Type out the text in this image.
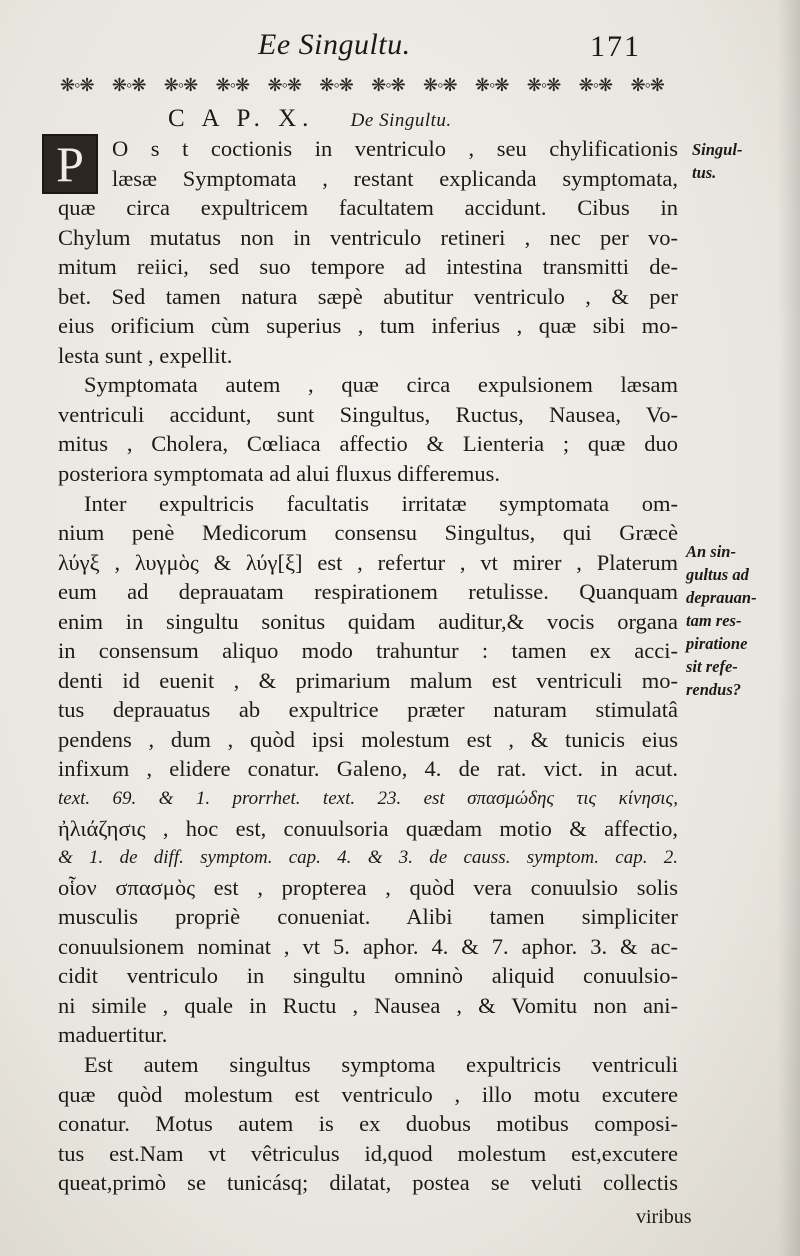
Ee Singultu.	171
❋◦❋ ❋◦❋ ❋◦❋ ❋◦❋ ❋◦❋ ❋◦❋ ❋◦❋ ❋◦❋ ❋◦❋ ❋◦❋ ❋◦❋ ❋◦❋
C A P. X. De Singultu.
P	O s t coctionis in ventriculo , seu chylificationis
læsæ Symptomata , restant explicanda symptomata,
quæ circa expultricem facultatem accidunt. Cibus in
Chylum mutatus non in ventriculo retineri , nec per vo-
mitum reiici, sed suo tempore ad intestina transmitti de-
bet. Sed tamen natura sæpè abutitur ventriculo , & per
eius orificium cùm superius , tum inferius , quæ sibi mo-
lesta sunt , expellit.
Symptomata autem , quæ circa expulsionem læsam
ventriculi accidunt, sunt Singultus, Ructus, Nausea, Vo-
mitus , Cholera, Cœliaca affectio & Lienteria ; quæ duo
posteriora symptomata ad alui fluxus differemus.
Inter expultricis facultatis irritatæ symptomata om-
nium penè Medicorum consensu Singultus, qui Græcè
λύγξ , λυγμὸς & λύγ[ξ] est , refertur , vt mirer , Platerum
eum ad deprauatam respirationem retulisse. Quanquam
enim in singultu sonitus quidam auditur,& vocis organa
in consensum aliquo modo trahuntur : tamen ex acci-
denti id euenit , & primarium malum est ventriculi mo-
tus deprauatus ab expultrice præter naturam stimulatâ
pendens , dum , quòd ipsi molestum est , & tunicis eius
infixum , elidere conatur. Galeno, 4. de rat. vict. in acut.
text. 69. & 1. prorrhet. text. 23. est σπασμώδης τις κίνησις,
ἠλιάζησις , hoc est, conuulsoria quædam motio & affectio,
& 1. de diff. symptom. cap. 4. & 3. de causs. symptom. cap. 2.
οἷον σπασμὸς est , propterea , quòd vera conuulsio solis
musculis propriè conueniat. Alibi tamen simpliciter
conuulsionem nominat , vt 5. aphor. 4. & 7. aphor. 3. & ac-
cidit ventriculo in singultu omninò aliquid conuulsio-
ni simile , quale in Ructu , Nausea , & Vomitu non ani-
maduertitur.
Est autem singultus symptoma expultricis ventriculi
quæ quòd molestum est ventriculo , illo motu excutere
conatur. Motus autem is ex duobus motibus composi-
tus est.Nam vt vêtriculus id,quod molestum est,excutere
queat,primò se tunicásq; dilatat, postea se veluti collectis
Singul-
tus.
An sin-
gultus ad
deprauan-
tam res-
piratione
sit refe-
rendus?
viribus
